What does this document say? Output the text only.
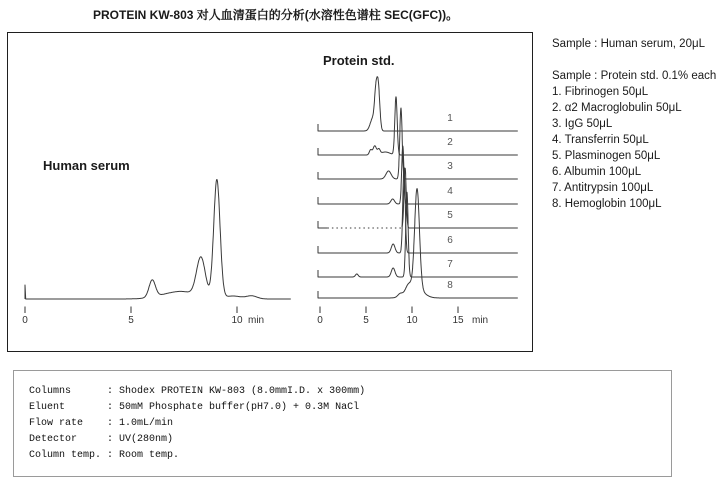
PROTEIN KW-803 对人血清蛋白的分析(水溶性色谱柱 SEC(GFC))。
0	5	10 min
1
2
3
4
5
6
7
8
0	5	10	15 min
Human serum
Protein std.
Sample : Human serum, 20μL
Sample : Protein std. 0.1% each
1. Fibrinogen 50μL
2. α2 Macroglobulin 50μL
3. IgG 50μL
4. Transferrin 50μL
5. Plasminogen 50μL
6. Albumin 100μL
7. Antitrypsin 100μL
8. Hemoglobin 100μL
Columns	: Shodex PROTEIN KW-803 (8.0mmI.D. x 300mm)
Eluent	: 50mM Phosphate buffer(pH7.0) + 0.3M NaCl
Flow rate : 1.0mL/min
Detector	: UV(280nm)
Column temp. : Room temp.
